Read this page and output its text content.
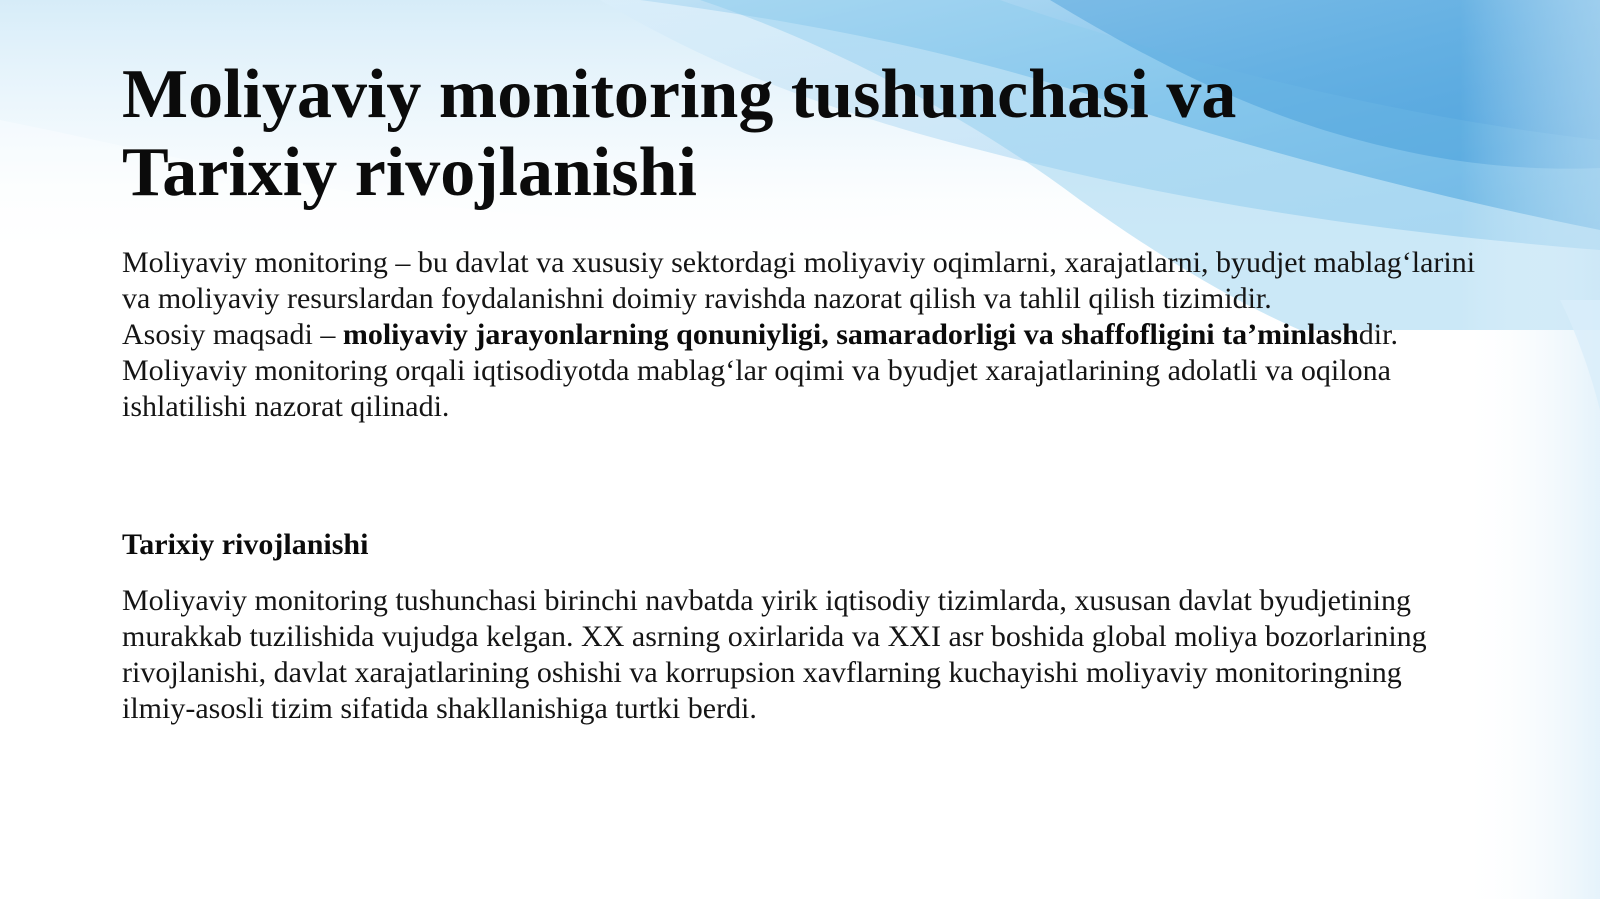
Moliyaviy monitoring tushunchasi va
Tarixiy rivojlanishi

Moliyaviy monitoring – bu davlat va xususiy sektordagi moliyaviy oqimlarni, xarajatlarni, byudjet mablag‘larini va moliyaviy resurslardan foydalanishni doimiy ravishda nazorat qilish va tahlil qilish tizimidir.

Asosiy maqsadi – moliyaviy jarayonlarning qonuniyligi, samaradorligi va shaffofligini ta’minlashdir. Moliyaviy monitoring orqali iqtisodiyotda mablag‘lar oqimi va byudjet xarajatlarining adolatli va oqilona ishlatilishi nazorat qilinadi.

Tarixiy rivojlanishi

Moliyaviy monitoring tushunchasi birinchi navbatda yirik iqtisodiy tizimlarda, xususan davlat byudjetining murakkab tuzilishida vujudga kelgan. XX asrning oxirlarida va XXI asr boshida global moliya bozorlarining rivojlanishi, davlat xarajatlarining oshishi va korrupsion xavflarning kuchayishi moliyaviy monitoringning ilmiy-asosli tizim sifatida shakllanishiga turtki berdi.
